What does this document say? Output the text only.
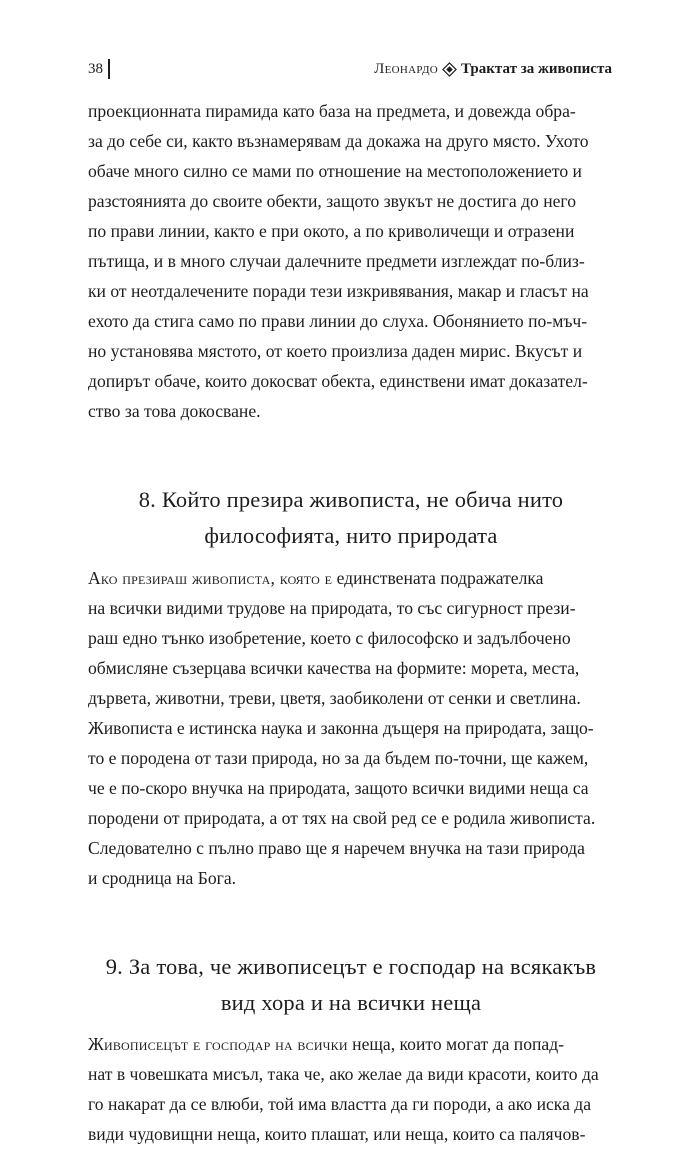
38	Леонардо Трактат за живописта

проекционната пирамида като база на предмета, и довежда обра-
за до себе си, както възнамерявам да докажа на друго място. Ухото
обаче много силно се мами по отношение на местоположението и
разстоянията до своите обекти, защото звукът не достига до него
по прави линии, както е при окото, а по криволичещи и отразени
пътища, и в много случаи далечните предмети изглеждат по-близ-
ки от неотдалечените поради тези изкривявания, макар и гласът на
ехото да стига само по прави линии до слуха. Обонянието по-мъч-
но установява мястото, от което произлиза даден мирис. Вкусът и
допирът обаче, които докосват обекта, единствени имат доказател-
ство за това докосване.

8. Който презира живописта, не обича нито
философията, нито природата

Ако презираш живописта, която е единствената подражателка
на всички видими трудове на природата, то със сигурност прези-
раш едно тънко изобретение, което с философско и задълбочено
обмисляне съзерцава всички качества на формите: морета, места,
дървета, животни, треви, цветя, заобиколени от сенки и светлина.
Живописта е истинска наука и законна дъщеря на природата, защо-
то е породена от тази природа, но за да бъдем по-точни, ще кажем,
че е по-скоро внучка на природата, защото всички видими неща са
породени от природата, а от тях на свой ред се е родила живописта.
Следователно с пълно право ще я наречем внучка на тази природа
и сродница на Бога.

9. За това, че живописецът е господар на всякакъв
вид хора и на всички неща

Живописецът е господар на всички неща, които могат да попад-
нат в човешката мисъл, така че, ако желае да види красоти, които да
го накарат да се влюби, той има властта да ги породи, а ако иска да
види чудовищни неща, които плашат, или неща, които са палячов-
